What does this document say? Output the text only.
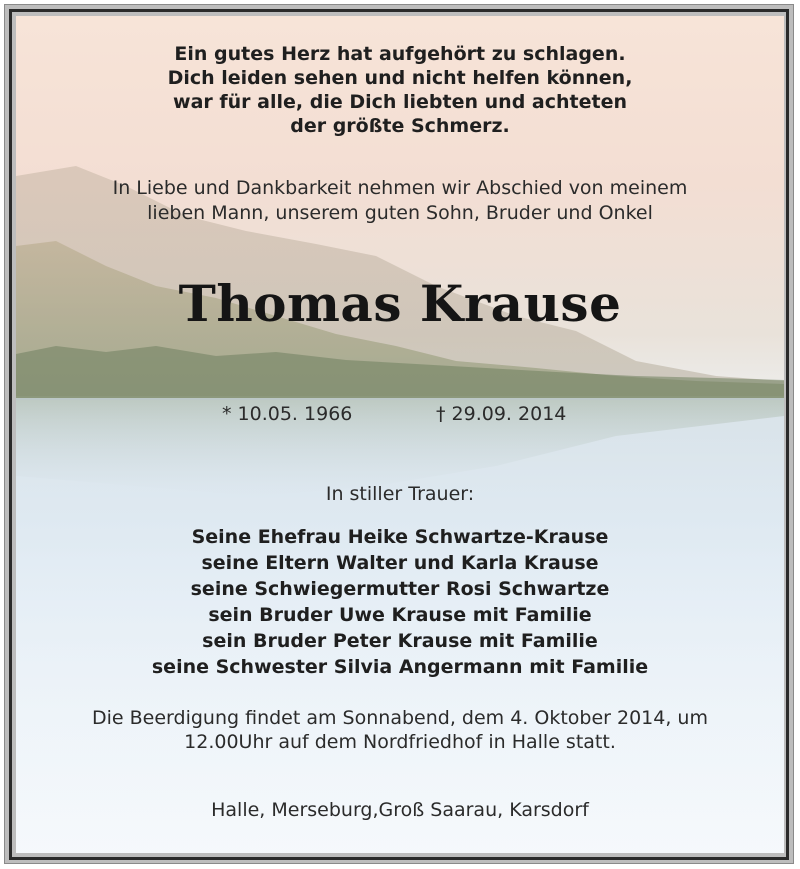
Ein gutes Herz hat aufgehört zu schlagen.
Dich leiden sehen und nicht helfen können,
war für alle, die Dich liebten und achteten
der größte Schmerz.
In Liebe und Dankbarkeit nehmen wir Abschied von meinem
lieben Mann, unserem guten Sohn, Bruder und Onkel
Thomas Krause
* 10.05. 1966	† 29.09. 2014
In stiller Trauer:
Seine Ehefrau Heike Schwartze-Krause
seine Eltern Walter und Karla Krause
seine Schwiegermutter Rosi Schwartze
sein Bruder Uwe Krause mit Familie
sein Bruder Peter Krause mit Familie
seine Schwester Silvia Angermann mit Familie
Die Beerdigung findet am Sonnabend, dem 4. Oktober 2014, um
12.00Uhr auf dem Nordfriedhof in Halle statt.
Halle, Merseburg,Groß Saarau, Karsdorf
